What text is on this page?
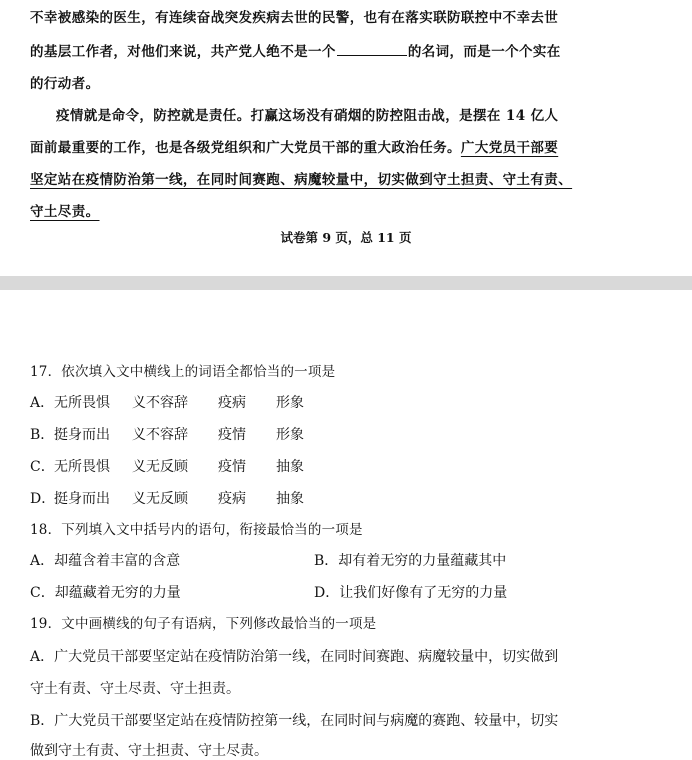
不幸被感染的医生，有连续奋战突发疾病去世的民警，也有在落实联防联控中不幸去世
的基层工作者，对他们来说，共产党人绝不是一个	的名词，而是一个个实在
的行动者。
疫情就是命令，防控就是责任。打赢这场没有硝烟的防控阻击战，是摆在 14 亿人
面前最重要的工作，也是各级党组织和广大党员干部的重大政治任务。广大党员干部要
坚定站在疫情防治第一线，在同时间赛跑、病魔较量中，切实做到守土担责、守土有责、
守土尽责。
试卷第 9 页，总 11 页
17．依次填入文中横线上的词语全都恰当的一项是
A．无所畏惧 义不容辞 疫病 形象
B．挺身而出 义不容辞 疫情 形象
C．无所畏惧 义无反顾 疫情 抽象
D．挺身而出 义无反顾 疫病 抽象
18．下列填入文中括号内的语句，衔接最恰当的一项是
A．却蕴含着丰富的含意	B．却有着无穷的力量蕴藏其中
C．却蕴藏着无穷的力量	D．让我们好像有了无穷的力量
19．文中画横线的句子有语病，下列修改最恰当的一项是
A．广大党员干部要坚定站在疫情防治第一线，在同时间赛跑、病魔较量中，切实做到
守土有责、守土尽责、守土担责。
B．广大党员干部要坚定站在疫情防控第一线，在同时间与病魔的赛跑、较量中，切实
做到守土有责、守土担责、守土尽责。
